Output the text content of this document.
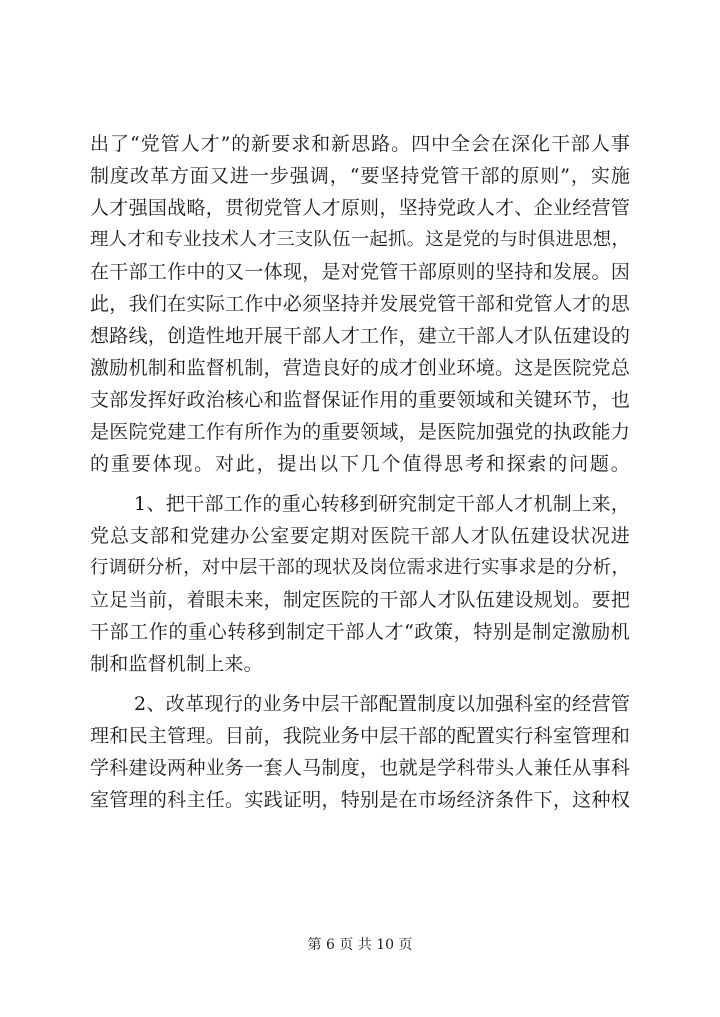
出了“党管人才”的新要求和新思路。四中全会在深化干部人事
制度改革方面又进一步强调，“要坚持党管干部的原则”，实施
人才强国战略，贯彻党管人才原则，坚持党政人才、企业经营管
理人才和专业技术人才三支队伍一起抓。这是党的与时俱进思想，
在干部工作中的又一体现，是对党管干部原则的坚持和发展。因
此，我们在实际工作中必须坚持并发展党管干部和党管人才的思
想路线，创造性地开展干部人才工作，建立干部人才队伍建设的
激励机制和监督机制，营造良好的成才创业环境。这是医院党总
支部发挥好政治核心和监督保证作用的重要领域和关键环节，也
是医院党建工作有所作为的重要领域，是医院加强党的执政能力
的重要体现。对此，提出以下几个值得思考和探索的问题。
1、把干部工作的重心转移到研究制定干部人才机制上来，
党总支部和党建办公室要定期对医院干部人才队伍建设状况进
行调研分析，对中层干部的现状及岗位需求进行实事求是的分析，
立足当前，着眼未来，制定医院的干部人才队伍建设规划。要把
干部工作的重心转移到制定干部人才“政策，特别是制定激励机
制和监督机制上来。
2、改革现行的业务中层干部配置制度以加强科室的经营管
理和民主管理。目前，我院业务中层干部的配置实行科室管理和
学科建设两种业务一套人马制度，也就是学科带头人兼任从事科
室管理的科主任。实践证明，特别是在市场经济条件下，这种权
第 6 页 共 10 页
